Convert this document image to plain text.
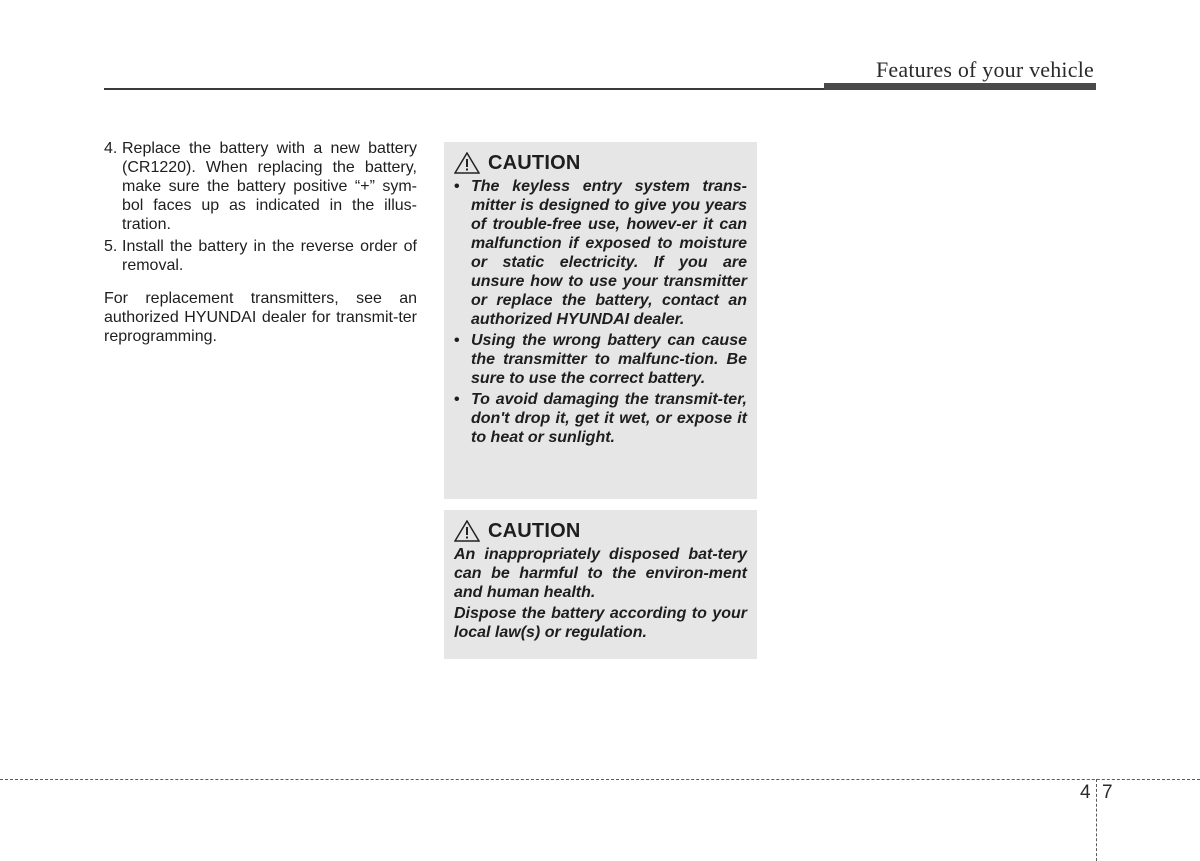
Features of your vehicle
4. Replace the battery with a new battery (CR1220). When replacing the battery, make sure the battery positive “+” sym-bol faces up as indicated in the illus-tration.
5. Install the battery in the reverse order of removal.

For replacement transmitters, see an authorized HYUNDAI dealer for transmit-ter reprogramming.

CAUTION
• The keyless entry system trans-mitter is designed to give you years of trouble-free use, howev-er it can malfunction if exposed to moisture or static electricity. If you are unsure how to use your transmitter or replace the battery, contact an authorized HYUNDAI dealer.
• Using the wrong battery can cause the transmitter to malfunc-tion. Be sure to use the correct battery.
• To avoid damaging the transmit-ter, don't drop it, get it wet, or expose it to heat or sunlight.
CAUTION

An inappropriately disposed bat-tery can be harmful to the environ-ment and human health.

Dispose the battery according to your local law(s) or regulation.

4 7
